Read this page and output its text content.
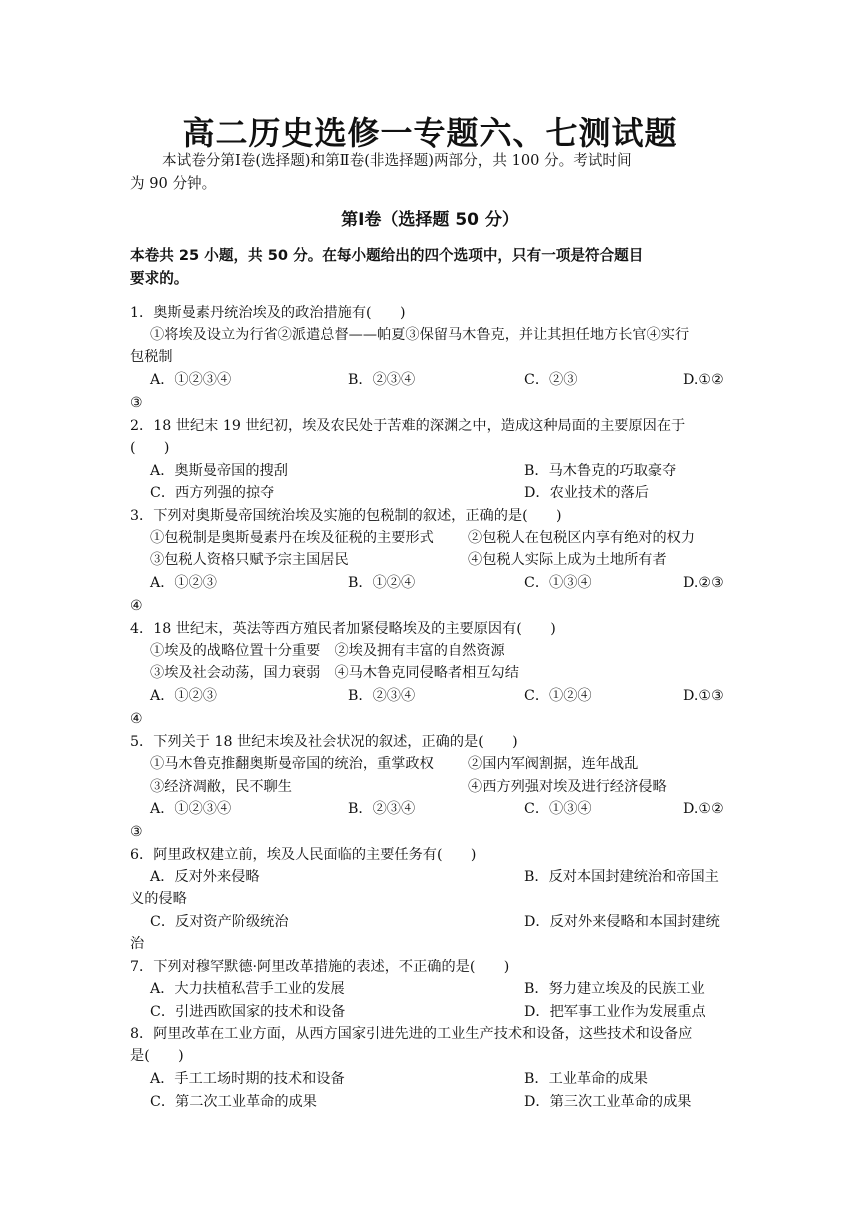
高二历史选修一专题六、七测试题
本试卷分第Ⅰ卷(选择题)和第Ⅱ卷(非选择题)两部分，共 100 分。考试时间
为 90 分钟。
第Ⅰ卷（选择题 50 分）
本卷共 25 小题，共 50 分。在每小题给出的四个选项中，只有一项是符合题目
要求的。
1．奥斯曼素丹统治埃及的政治措施有(　　)
①将埃及设立为行省②派遣总督——帕夏③保留马木鲁克，并让其担任地方长官④实行
包税制
A．①②③④	B．②③④	C．②③	D.①②
③
2．18 世纪末 19 世纪初，埃及农民处于苦难的深渊之中，造成这种局面的主要原因在于
(　　)
A．奥斯曼帝国的搜刮	B．马木鲁克的巧取豪夺
C．西方列强的掠夺	D．农业技术的落后
3．下列对奥斯曼帝国统治埃及实施的包税制的叙述，正确的是(　　)
①包税制是奥斯曼素丹在埃及征税的主要形式 ②包税人在包税区内享有绝对的权力
③包税人资格只赋予宗主国居民	④包税人实际上成为土地所有者
A．①②③	B．①②④	C．①③④	D.②③
④
4．18 世纪末，英法等西方殖民者加紧侵略埃及的主要原因有(　　)
①埃及的战略位置十分重要　②埃及拥有丰富的自然资源
③埃及社会动荡，国力衰弱　④马木鲁克同侵略者相互勾结
A．①②③	B．②③④	C．①②④	D.①③
④
5．下列关于 18 世纪末埃及社会状况的叙述，正确的是(　　)
①马木鲁克推翻奥斯曼帝国的统治，重掌政权 ②国内军阀割据，连年战乱
③经济凋敝，民不聊生	④西方列强对埃及进行经济侵略
A．①②③④	B．②③④	C．①③④	D.①②
③
6．阿里政权建立前，埃及人民面临的主要任务有(　　)
A．反对外来侵略	B．反对本国封建统治和帝国主
义的侵略
C．反对资产阶级统治	D．反对外来侵略和本国封建统
治
7．下列对穆罕默德·阿里改革措施的表述，不正确的是(　　)
A．大力扶植私营手工业的发展	B．努力建立埃及的民族工业
C．引进西欧国家的技术和设备	D．把军事工业作为发展重点
8．阿里改革在工业方面，从西方国家引进先进的工业生产技术和设备，这些技术和设备应
是(　　)
A．手工工场时期的技术和设备	B．工业革命的成果
C．第二次工业革命的成果	D．第三次工业革命的成果
